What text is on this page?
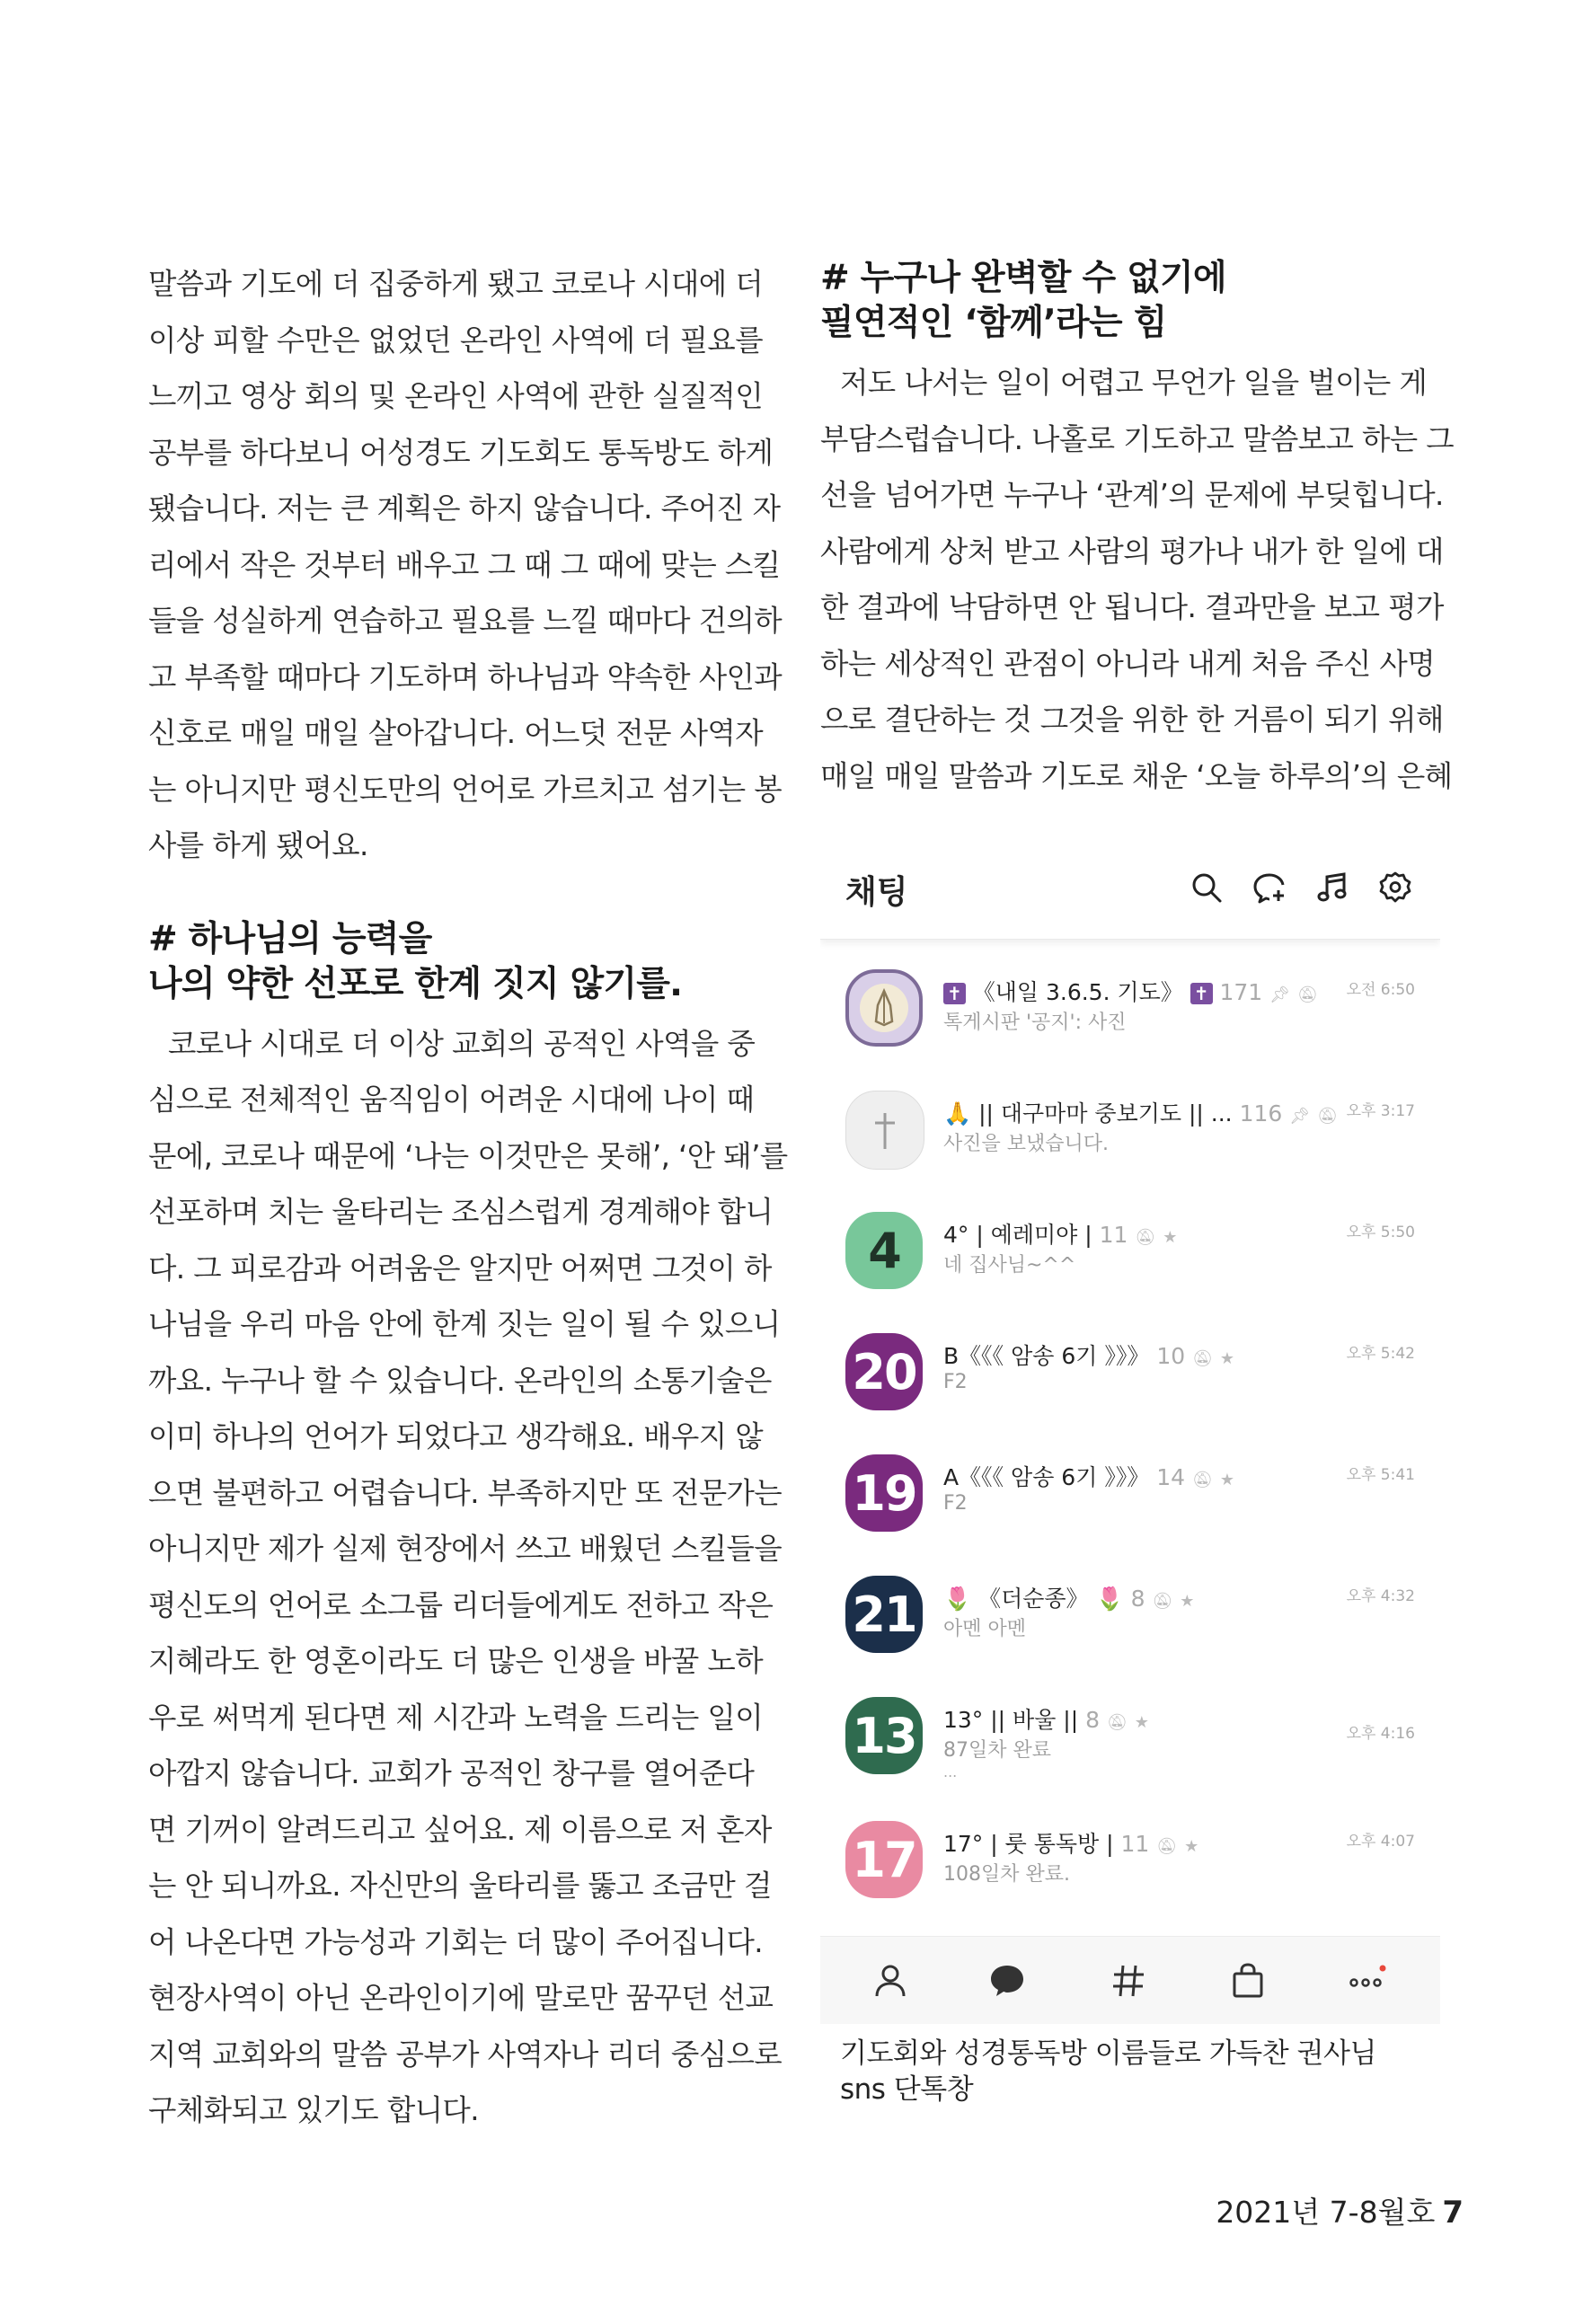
말씀과 기도에 더 집중하게 됐고 코로나 시대에 더
이상 피할 수만은 없었던 온라인 사역에 더 필요를
느끼고 영상 회의 및 온라인 사역에 관한 실질적인
공부를 하다보니 어성경도 기도회도 통독방도 하게
됐습니다. 저는 큰 계획은 하지 않습니다. 주어진 자
리에서 작은 것부터 배우고 그 때 그 때에 맞는 스킬
들을 성실하게 연습하고 필요를 느낄 때마다 건의하
고 부족할 때마다 기도하며 하나님과 약속한 사인과
신호로 매일 매일 살아갑니다. 어느덧 전문 사역자
는 아니지만 평신도만의 언어로 가르치고 섬기는 봉
사를 하게 됐어요.
# 하나님의 능력을
나의 약한 선포로 한계 짓지 않기를.
코로나 시대로 더 이상 교회의 공적인 사역을 중
심으로 전체적인 움직임이 어려운 시대에 나이 때
문에, 코로나 때문에 ‘나는 이것만은 못해’, ‘안 돼’를
선포하며 치는 울타리는 조심스럽게 경계해야 합니
다. 그 피로감과 어려움은 알지만 어쩌면 그것이 하
나님을 우리 마음 안에 한계 짓는 일이 될 수 있으니
까요. 누구나 할 수 있습니다. 온라인의 소통기술은
이미 하나의 언어가 되었다고 생각해요. 배우지 않
으면 불편하고 어렵습니다. 부족하지만 또 전문가는
아니지만 제가 실제 현장에서 쓰고 배웠던 스킬들을
평신도의 언어로 소그룹 리더들에게도 전하고 작은
지혜라도 한 영혼이라도 더 많은 인생을 바꿀 노하
우로 써먹게 된다면 제 시간과 노력을 드리는 일이
아깝지 않습니다. 교회가 공적인 창구를 열어준다
면 기꺼이 알려드리고 싶어요. 제 이름으로 저 혼자
는 안 되니까요. 자신만의 울타리를 뚫고 조금만 걸
어 나온다면 가능성과 기회는 더 많이 주어집니다.
현장사역이 아닌 온라인이기에 말로만 꿈꾸던 선교
지역 교회와의 말씀 공부가 사역자나 리더 중심으로
구체화되고 있기도 합니다.
# 누구나 완벽할 수 없기에
필연적인 ‘함께’라는 힘
저도 나서는 일이 어렵고 무언가 일을 벌이는 게
부담스럽습니다. 나홀로 기도하고 말씀보고 하는 그
선을 넘어가면 누구나 ‘관계’의 문제에 부딪힙니다.
사람에게 상처 받고 사람의 평가나 내가 한 일에 대
한 결과에 낙담하면 안 됩니다. 결과만을 보고 평가
하는 세상적인 관점이 아니라 내게 처음 주신 사명
으로 결단하는 것 그것을 위한 한 거름이 되기 위해
매일 매일 말씀과 기도로 채운 ‘오늘 하루의’의 은혜
채팅
✝ 《내일 3.6.5. 기도》 ✝ 171 📌︎ 🔕︎
톡게시판 '공지': 사진
오전 6:50
🙏 || 대구마마 중보기도 || ... 116 📌︎ 🔕︎
사진을 보냈습니다.
오후 3:17
4	4° | 예레미야 | 11 🔕︎ ★
네 집사님~^^
오후 5:50
20 B《《《 암송 6기 》》》 10 🔕︎ ★
F2
오후 5:42
19 A《《《 암송 6기 》》》 14 🔕︎ ★
F2
오후 5:41
21 🌷 《더순종》 🌷 8 🔕︎ ★
아멘 아멘
오후 4:32
13 13° || 바울 || 8 🔕︎ ★
87일차 완료
...
오후 4:16
17 17° | 룻 통독방 | 11 🔕︎ ★
108일차 완료.
오후 4:07
기도회와 성경통독방 이름들로 가득찬 권사님
sns 단톡창
2021년 7-8월호 7
